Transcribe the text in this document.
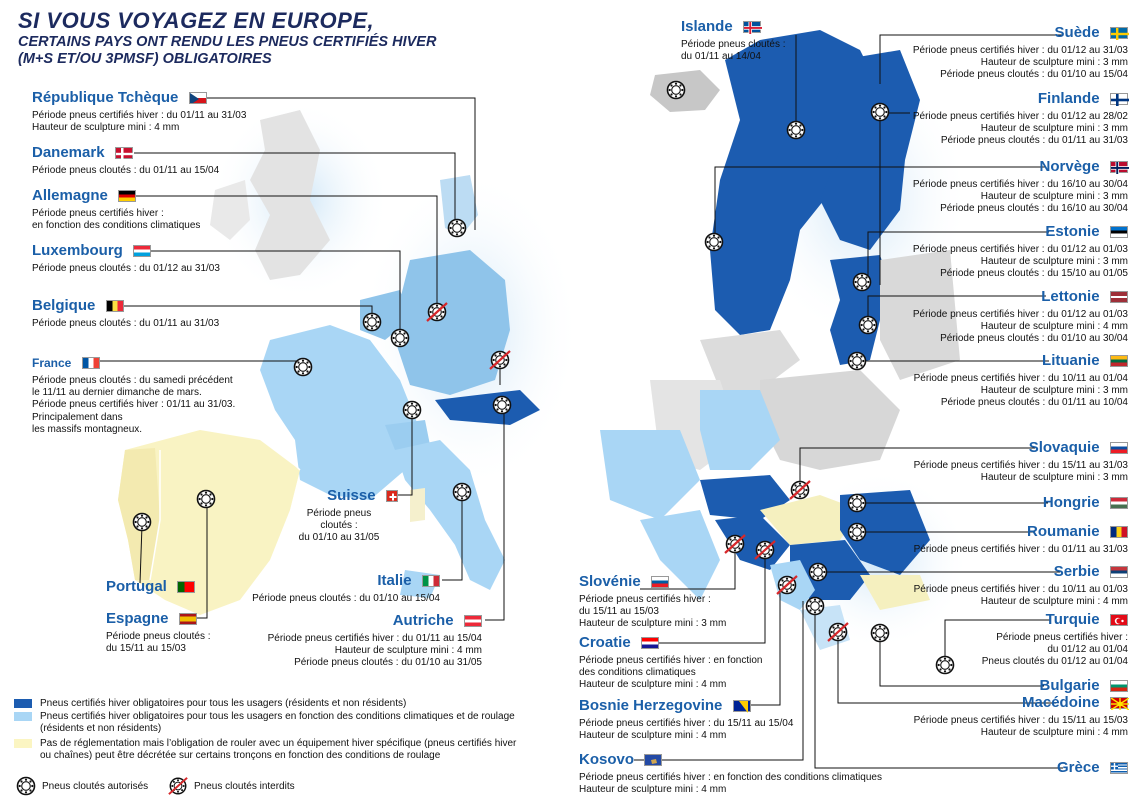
SI VOUS VOYAGEZ EN EUROPE,
CERTAINS PAYS ONT RENDU LES PNEUS CERTIFIÉS HIVER
(M+S ET/OU 3PMSF) OBLIGATOIRES
République Tchèque
Période pneus certifiés hiver : du 01/11 au 31/03
Hauteur de sculpture mini : 4 mm
Danemark
Période pneus cloutés : du 01/11 au 15/04
Allemagne
Période pneus certifiés hiver :
en fonction des conditions climatiques
Luxembourg
Période pneus cloutés : du 01/12 au 31/03
Belgique
Période pneus cloutés : du 01/11 au 31/03
France
Période pneus cloutés : du samedi précédent
le 11/11 au dernier dimanche de mars.
Période pneus certifiés hiver : 01/11 au 31/03.
Principalement dans
les massifs montagneux.
Suisse
Période pneus
cloutés :
du 01/10 au 31/05
Portugal
Espagne
Période pneus cloutés :
du 15/11 au 15/03
Italie
Période pneus cloutés : du 01/10 au 15/04
Autriche
Période pneus certifiés hiver : du 01/11 au 15/04
Hauteur de sculpture mini : 4 mm
Période pneus cloutés : du 01/10 au 31/05
Pneus certifiés hiver obligatoires pour tous les usagers (résidents et non résidents)
Pneus certifiés hiver obligatoires pour tous les usagers en fonction des conditions climatiques et de roulage
(résidents et non résidents)
Pas de réglementation mais l’obligation de rouler avec un équipement hiver spécifique (pneus certifiés hiver
ou chaînes) peut être décrétée sur certains tronçons en fonction des conditions de roulage
Pneus cloutés autorisés	Pneus cloutés interdits
Islande
Période pneus cloutés :
du 01/11 au 14/04
Suède
Période pneus certifiés hiver : du 01/12 au 31/03
Hauteur de sculpture mini : 3 mm
Période pneus cloutés : du 01/10 au 15/04
Finlande
Période pneus certifiés hiver : du 01/12 au 28/02
Hauteur de sculpture mini : 3 mm
Période pneus cloutés : du 01/11 au 31/03
Norvège
Période pneus certifiés hiver : du 16/10 au 30/04
Hauteur de sculpture mini : 3 mm
Période pneus cloutés : du 16/10 au 30/04
Estonie
Période pneus certifiés hiver : du 01/12 au 01/03
Hauteur de sculpture mini : 3 mm
Période pneus cloutés : du 15/10 au 01/05
Lettonie
Période pneus certifiés hiver : du 01/12 au 01/03
Hauteur de sculpture mini : 4 mm
Période pneus cloutés : du 01/10 au 30/04
Lituanie
Période pneus certifiés hiver : du 10/11 au 01/04
Hauteur de sculpture mini : 3 mm
Période pneus cloutés : du 01/11 au 10/04
Slovaquie
Période pneus certifiés hiver : du 15/11 au 31/03
Hauteur de sculpture mini : 3 mm
Hongrie
Roumanie
Période pneus certifiés hiver : du 01/11 au 31/03
Serbie
Période pneus certifiés hiver : du 10/11 au 01/03
Hauteur de sculpture mini : 4 mm
Turquie
Période pneus certifiés hiver :
du 01/12 au 01/04
Pneus cloutés du 01/12 au 01/04
Bulgarie
Macédoine
Période pneus certifiés hiver : du 15/11 au 15/03
Hauteur de sculpture mini : 4 mm
Grèce
Slovénie
Période pneus certifiés hiver :
du 15/11 au 15/03
Hauteur de sculpture mini : 3 mm
Croatie
Période pneus certifiés hiver : en fonction
des conditions climatiques
Hauteur de sculpture mini : 4 mm
Bosnie Herzegovine
Période pneus certifiés hiver : du 15/11 au 15/04
Hauteur de sculpture mini : 4 mm
Kosovo
Période pneus certifiés hiver : en fonction des conditions climatiques
Hauteur de sculpture mini : 4 mm
